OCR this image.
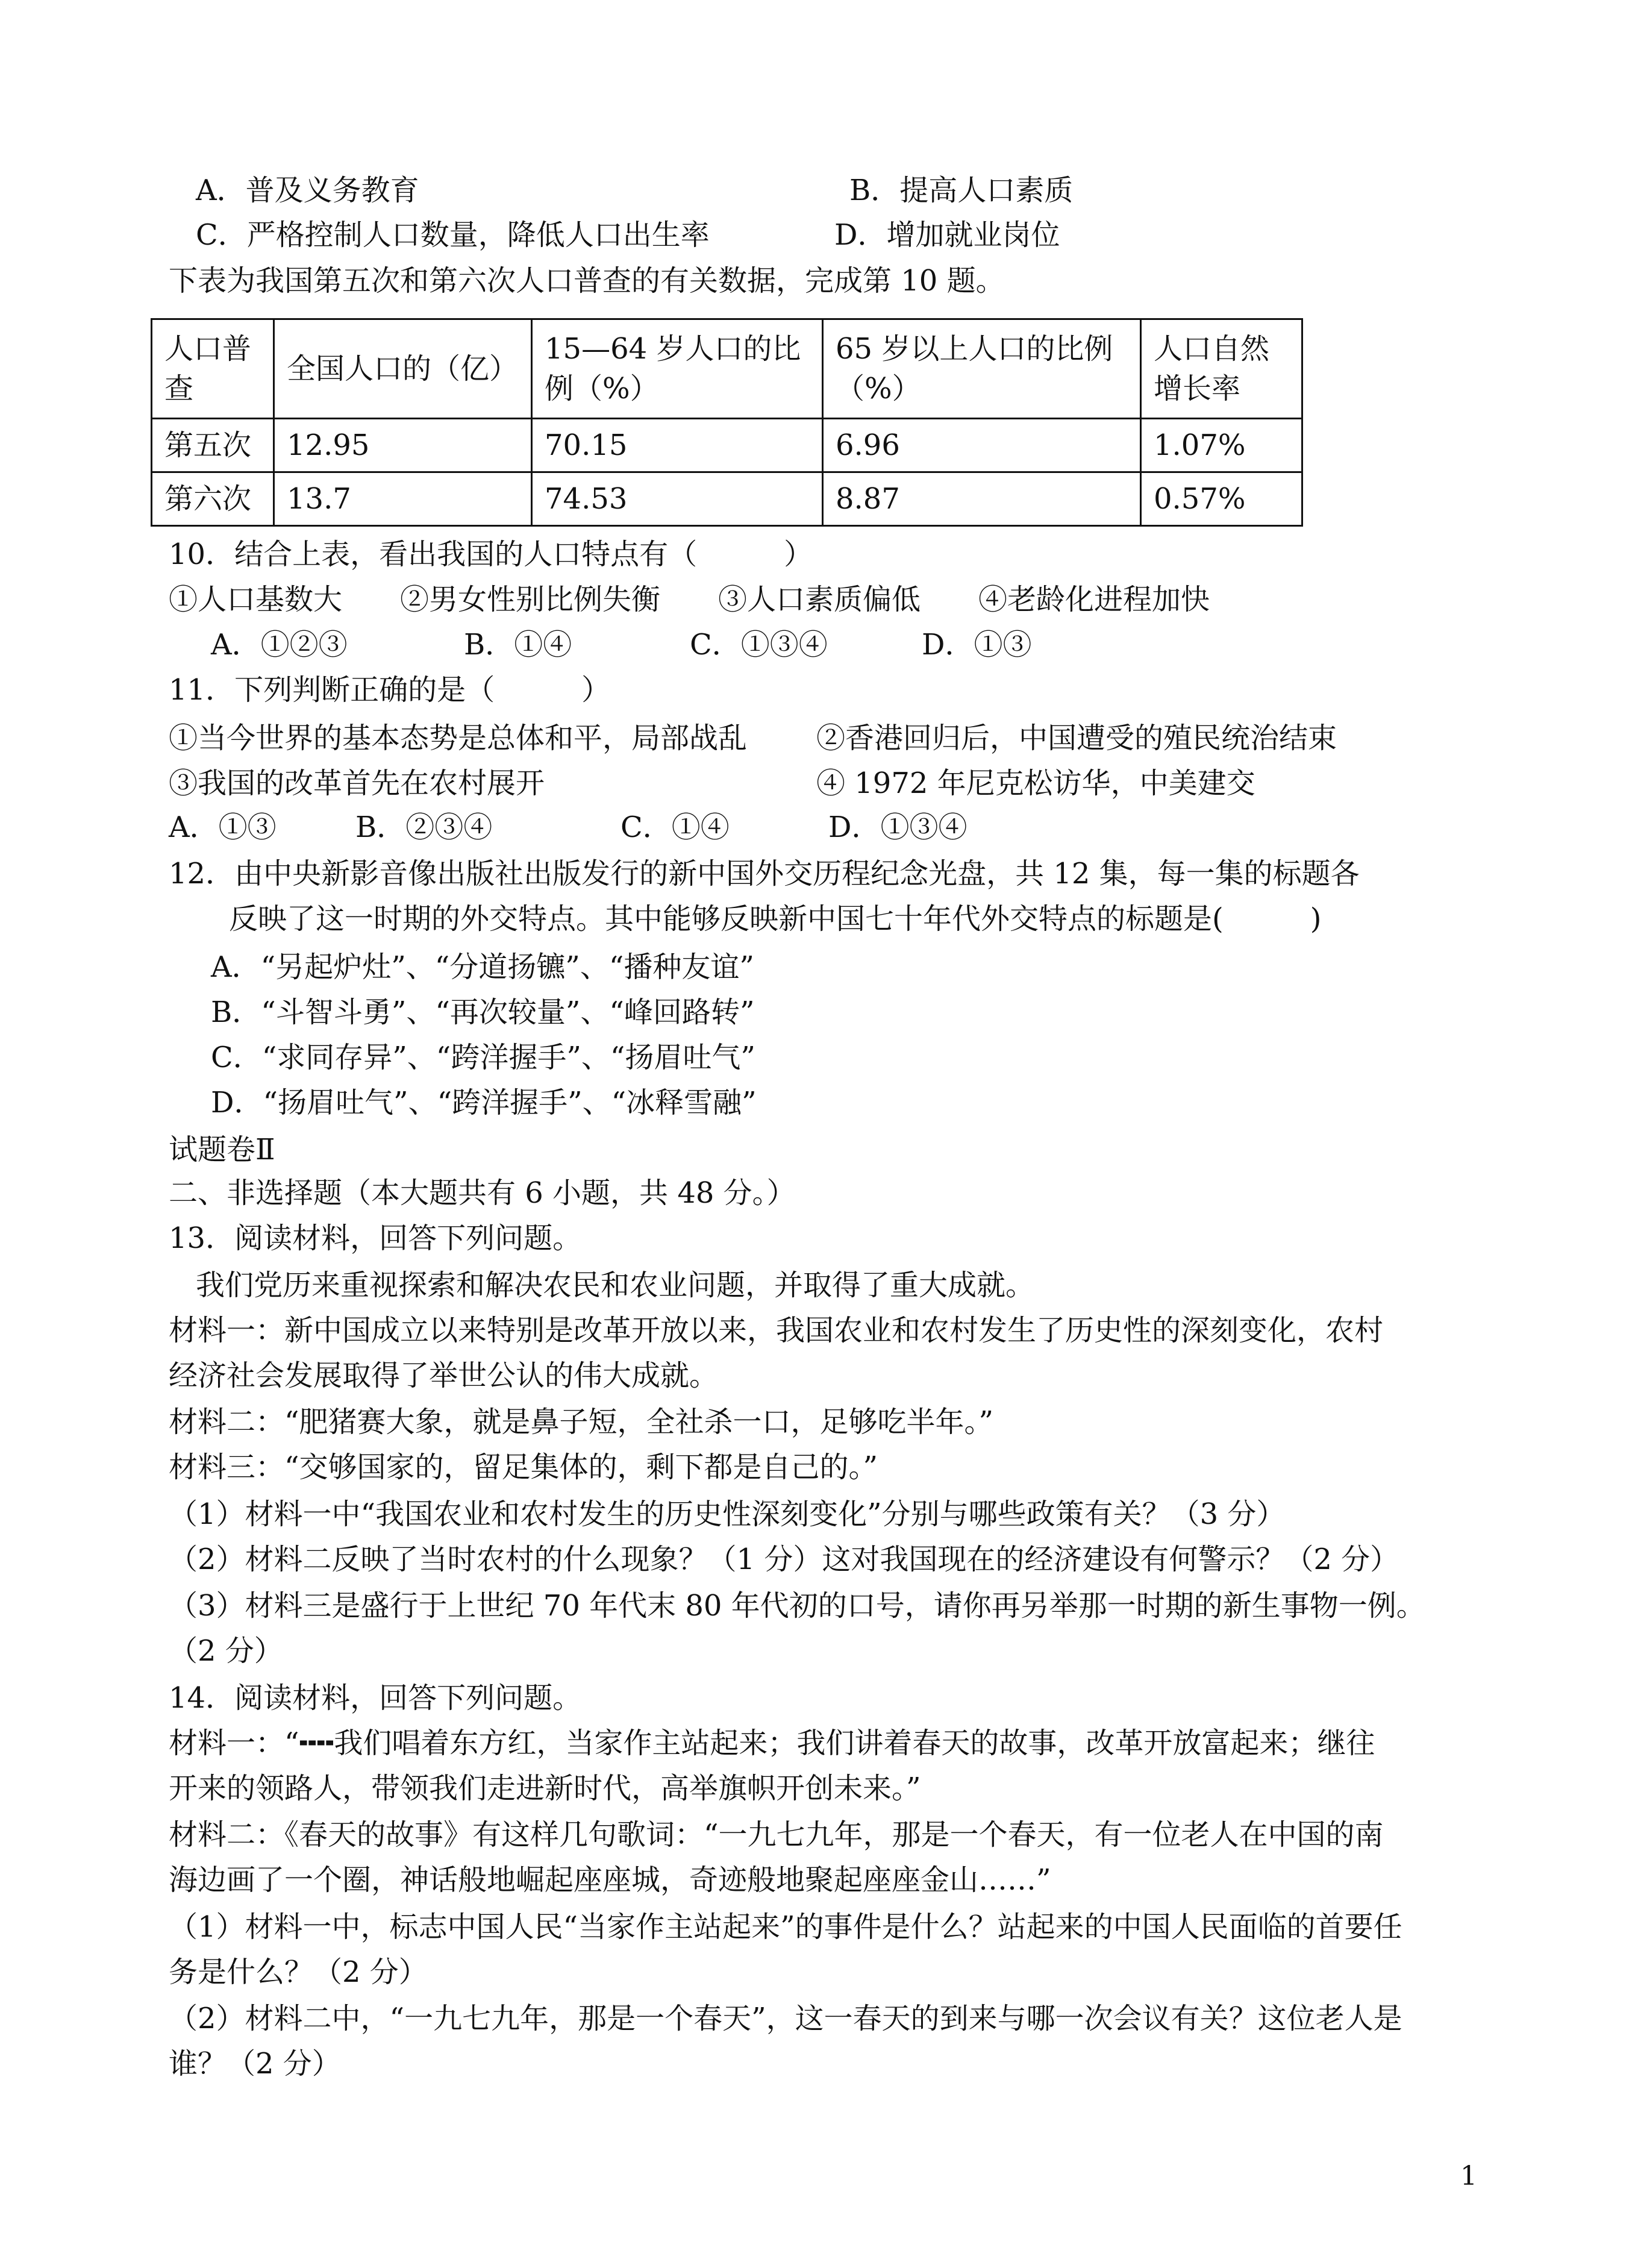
A．普及义务教育	B．提高人口素质
C．严格控制人口数量，降低人口出生率	D．增加就业岗位
下表为我国第五次和第六次人口普查的有关数据，完成第 10 题。
人口普查	全国人口的（亿）	15—64 岁人口的比例（%）	65 岁以上人口的比例（%）	人口自然增长率
第五次	12.95	70.15	6.96	1.07%
第六次	13.7	74.53	8.87	0.57%
10．结合上表，看出我国的人口特点有（　　　）
①人口基数大　　②男女性别比例失衡　　③人口素质偏低　　④老龄化进程加快
A．①②③	B．①④	C．①③④	D．①③
11．下列判断正确的是（　　　）
①当今世界的基本态势是总体和平，局部战乱 ②香港回归后，中国遭受的殖民统治结束
③我国的改革首先在农村展开	④ 1972 年尼克松访华，中美建交
A．①③	B．②③④	C．①④	D．①③④
12．由中央新影音像出版社出版发行的新中国外交历程纪念光盘，共 12 集，每一集的标题各
反映了这一时期的外交特点。其中能够反映新中国七十年代外交特点的标题是(　　　)
A．“另起炉灶”、“分道扬镳”、“播种友谊”
B．“斗智斗勇”、“再次较量”、“峰回路转”
C．“求同存异”、“跨洋握手”、“扬眉吐气”
D．“扬眉吐气”、“跨洋握手”、“冰释雪融”
试题卷Ⅱ
二、非选择题（本大题共有 6 小题，共 48 分。）
13．阅读材料，回答下列问题。
我们党历来重视探索和解决农民和农业问题，并取得了重大成就。
材料一：新中国成立以来特别是改革开放以来，我国农业和农村发生了历史性的深刻变化，农村
经济社会发展取得了举世公认的伟大成就。
材料二：“肥猪赛大象，就是鼻子短，全社杀一口，足够吃半年。”
材料三：“交够国家的，留足集体的，剩下都是自己的。”
（1）材料一中“我国农业和农村发生的历史性深刻变化”分别与哪些政策有关？（3 分）
（2）材料二反映了当时农村的什么现象？（1 分）这对我国现在的经济建设有何警示？（2 分）
（3）材料三是盛行于上世纪 70 年代末 80 年代初的口号，请你再另举那一时期的新生事物一例。
（2 分）
14．阅读材料，回答下列问题。
材料一：“╍╍我们唱着东方红，当家作主站起来；我们讲着春天的故事，改革开放富起来；继往
开来的领路人，带领我们走进新时代，高举旗帜开创未来。”
材料二：《春天的故事》有这样几句歌词：“一九七九年，那是一个春天，有一位老人在中国的南
海边画了一个圈，神话般地崛起座座城，奇迹般地聚起座座金山……”
（1）材料一中，标志中国人民“当家作主站起来”的事件是什么？站起来的中国人民面临的首要任
务是什么？（2 分）
（2）材料二中，“一九七九年，那是一个春天”，这一春天的到来与哪一次会议有关？这位老人是
谁？（2 分）
1
